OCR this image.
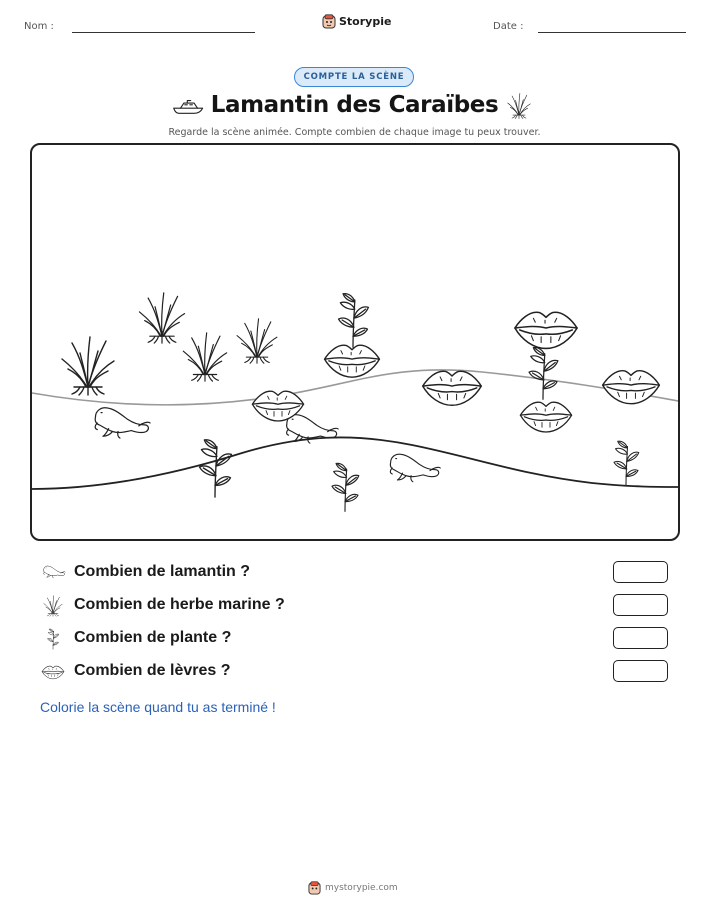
Nom :	Storypie	Date :
COMPTE LA SCÈNE
Lamantin des Caraïbes
Regarde la scène animée. Compte combien de chaque image tu peux trouver.
Combien de lamantin ?
Combien de herbe marine ?
Combien de plante ?
Combien de lèvres ?
Colorie la scène quand tu as terminé !
mystorypie.com
